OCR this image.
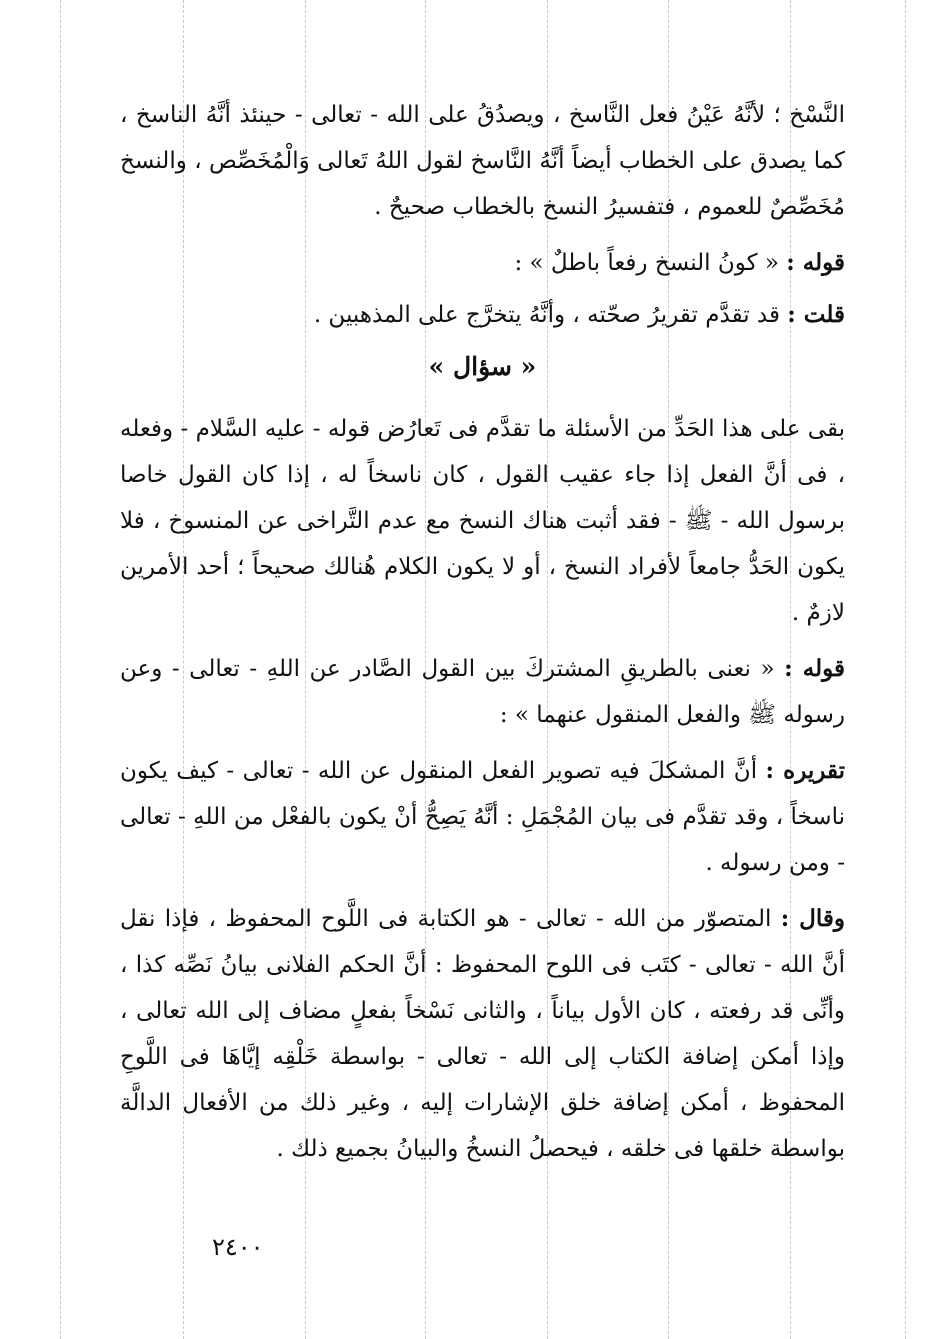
النَّسْخ ؛ لأنَّهُ عَيْنُ فعل النَّاسخ ، ويصدُقُ على الله - تعالى - حينئذ أنَّهُ الناسخ ، كما يصدق على الخطاب أيضاً أنَّهُ النَّاسخ لقول اللهُ تَعالى وَالْمُخَصِّص ، والنسخ مُخَصِّصٌ للعموم ، فتفسيرُ النسخ بالخطاب صحيحٌ .

قوله : « كونُ النسخ رفعاً باطلٌ » :

قلت : قد تقدَّم تقريرُ صحّته ، وأنَّهُ يتخرَّج على المذهبين .

« سؤال »

بقى على هذا الحَدِّ من الأسئلة ما تقدَّم فى تَعارُض قوله - عليه السَّلام - وفعله ، فى أنَّ الفعل إذا جاء عقيب القول ، كان ناسخاً له ، إذا كان القول خاصا برسول الله - ﷺ - فقد أثبت هناك النسخ مع عدم التَّراخى عن المنسوخ ، فلا يكون الحَدُّ جامعاً لأفراد النسخ ، أو لا يكون الكلام هُنالك صحيحاً ؛ أحد الأمرين لازمٌ .

قوله : « نعنى بالطريقِ المشتركَ بين القول الصَّادر عن اللهِ - تعالى - وعن رسوله ﷺ والفعل المنقول عنهما » :

تقريره : أنَّ المشكلَ فيه تصوير الفعل المنقول عن الله - تعالى - كيف يكون ناسخاً ، وقد تقدَّم فى بيان المُجْمَلِ : أنَّهُ يَصِحُّ أنْ يكون بالفعْل من اللهِ - تعالى - ومن رسوله .

وقال : المتصوّر من الله - تعالى - هو الكتابة فى اللَّوح المحفوظ ، فإذا نقل أنَّ الله - تعالى - كتَب فى اللوح المحفوظ : أنَّ الحكم الفلانى بيانُ نَصِّه كذا ، وأنِّى قد رفعته ، كان الأول بياناً ، والثانى نَسْخاً بفعلٍ مضاف إلى الله تعالى ، وإذا أمكن إضافة الكتاب إلى الله - تعالى - بواسطة خَلْقِه إيَّاهَا فى اللَّوحِ المحفوظ ، أمكن إضافة خلق الإشارات إليه ، وغير ذلك من الأفعال الدالَّة بواسطة خلقها فى خلقه ، فيحصلُ النسخُ والبيانُ بجميع ذلك .

٢٤٠٠
